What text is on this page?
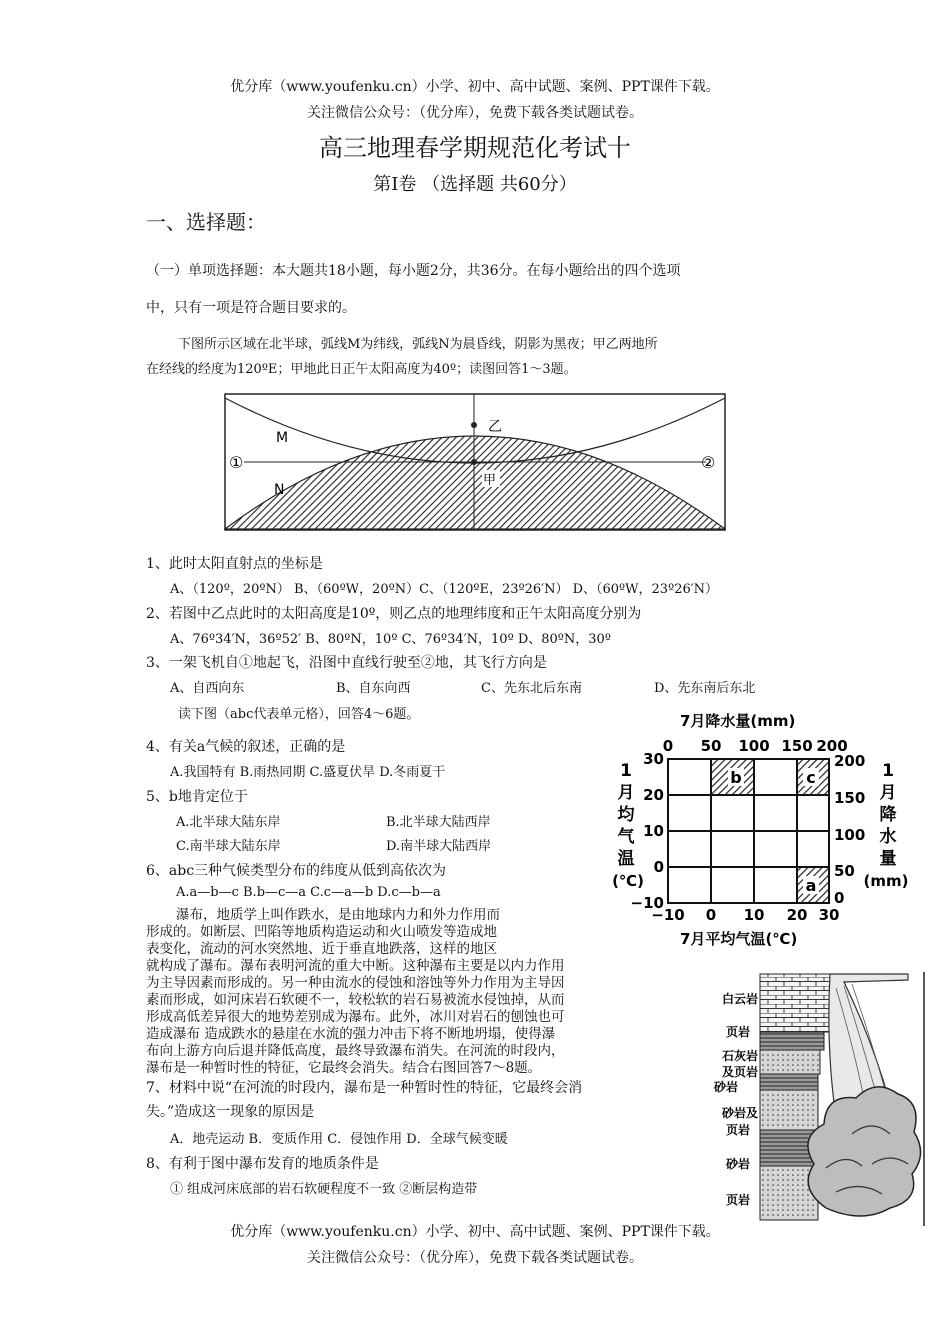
优分库（www.youfenku.cn）小学、初中、高中试题、案例、PPT课件下载。
关注微信公众号：（优分库），免费下载各类试题试卷。
高三地理春学期规范化考试十
第Ⅰ卷 （选择题 共60分）
一、选择题：
（一）单项选择题：本大题共18小题，每小题2分，共36分。在每小题给出的四个选项
中，只有一项是符合题目要求的。
下图所示区域在北半球，弧线M为纬线，弧线N为晨昏线，阴影为黑夜；甲乙两地所
在经线的经度为120ºE；甲地此日正午太阳高度为40º；读图回答1～3题。
M
N
乙
甲
①	②
1、此时太阳直射点的坐标是
A、（120º，20ºN） B、（60ºW，20ºN）C、（120ºE，23º26′N） D、（60ºW，23º26′N）
2、若图中乙点此时的太阳高度是10º，则乙点的地理纬度和正午太阳高度分别为
A、76º34′N，36º52′ B、80ºN，10º C、76º34′N，10º D、80ºN，30º
3、一架飞机自①地起飞，沿图中直线行驶至②地，其飞行方向是
A、自西向东	B、自东向西	C、先东北后东南	D、先东南后东北
读下图（abc代表单元格），回答4～6题。
4、有关a气候的叙述，正确的是
A.我国特有 B.雨热同期 C.盛夏伏旱 D.冬雨夏干
5、b地肯定位于
A.北半球大陆东岸	B.北半球大陆西岸
C.南半球大陆东岸	D.南半球大陆西岸
6、abc三种气候类型分布的纬度从低到高依次为
A.a—b—c B.b—c—a C.c—a—b D.c—b—a
7月降水量(mm)
0 50 100 150 200
b	c
a
30
20
10
0
−10
200
150
100
50
0
1
月
均
气
温
(℃)
1
月
降
水
量
(mm)
−10 0 10 20 30
7月平均气温(℃)
瀑布，地质学上叫作跌水，是由地球内力和外力作用而
形成的。如断层、凹陷等地质构造运动和火山喷发等造成地
表变化，流动的河水突然地、近于垂直地跌落，这样的地区
就构成了瀑布。瀑布表明河流的重大中断。这种瀑布主要是以内力作用
为主导因素而形成的。另一种由流水的侵蚀和溶蚀等外力作用为主导因
素而形成，如河床岩石软硬不一，较松软的岩石易被流水侵蚀掉，从而
形成高低差异很大的地势差别成为瀑布。此外，冰川对岩石的刨蚀也可
造成瀑布 造成跌水的悬崖在水流的强力冲击下将不断地坍塌，使得瀑
布向上游方向后退并降低高度，最终导致瀑布消失。在河流的时段内，
瀑布是一种暂时性的特征，它最终会消失。结合右图回答7～8题。
7、材料中说“在河流的时段内，瀑布是一种暂时性的特征，它最终会消
失。”造成这一现象的原因是
A．地壳运动 B．变质作用 C．侵蚀作用 D．全球气候变暖
8、有利于图中瀑布发育的地质条件是
① 组成河床底部的岩石软硬程度不一致 ②断层构造带
白云岩
页岩
石灰岩
及页岩
砂岩
砂岩及
页岩
砂岩
页岩
优分库（www.youfenku.cn）小学、初中、高中试题、案例、PPT课件下载。
关注微信公众号：（优分库），免费下载各类试题试卷。
